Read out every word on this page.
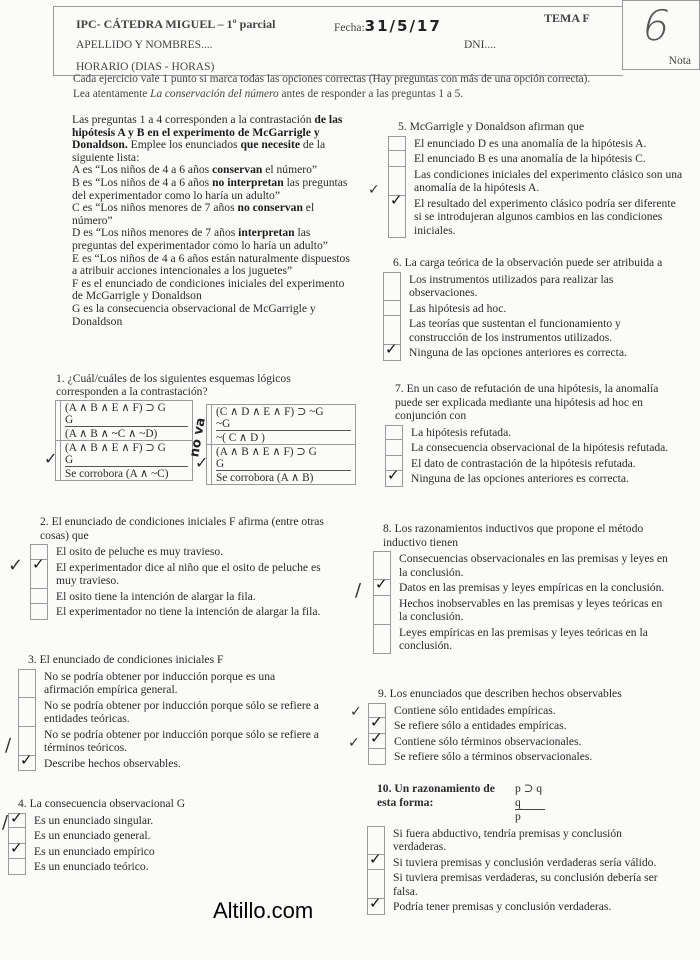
IPC- CÁTEDRA MIGUEL – 1º parcial	Fecha:31/5/17	TEMA F
APELLIDO Y NOMBRES....	DNI....
HORARIO (DIAS - HORAS)
6
Nota
Cada ejercicio vale 1 punto si marca todas las opciones correctas (Hay preguntas con más de una opción correcta).
Lea atentamente La conservación del número antes de responder a las preguntas 1 a 5.
Las preguntas 1 a 4 corresponden a la contrastación de las hipótesis A y B en el experimento de McGarrigle y Donaldson. Emplee los enunciados que necesite de la siguiente lista:
A es “Los niños de 4 a 6 años conservan el número”
B es “Los niños de 4 a 6 años no interpretan las preguntas del experimentador como lo haría un adulto”
C es “Los niños menores de 7 años no conservan el número”
D es “Los niños menores de 7 años interpretan las preguntas del experimentador como lo haría un adulto”
E es “Los niños de 4 a 6 años están naturalmente dispuestos a atribuir acciones intencionales a los juguetes”
F es el enunciado de condiciones iniciales del experimento de McGarrigle y Donaldson
G es la consecuencia observacional de McGarrigle y Donaldson
1. ¿Cuál/cuáles de los siguientes esquemas lógicos corresponden a la contrastación?

	(A ∧ B ∧ E ∧ F) ⊃ G
G
(A ∧ B ∧ ~C ∧ ~D)

✓	(A ∧ B ∧ E ∧ F) ⊃ G
G
Se corrobora (A ∧ ~C)

	(C ∧ D ∧ E ∧ F) ⊃ ~G
~G
~( C ∧ D )

✓	(A ∧ B ∧ E ∧ F) ⊃ G
G
Se corrobora (A ∧ B)
no va
2. El enunciado de condiciones iniciales F afirma (entre otras cosas) que
El osito de peluche es muy travieso.
✓ El experimentador dice al niño que el osito de peluche es muy travieso.
El osito tiene la intención de alargar la fila.
El experimentador no tiene la intención de alargar la fila.
3. El enunciado de condiciones iniciales F
No se podría obtener por inducción porque es una afirmación empírica general.
No se podría obtener por inducción porque sólo se refiere a entidades teóricas.
No se podría obtener por inducción porque sólo se refiere a términos teóricos.
✓ Describe hechos observables.
4. La consecuencia observacional G
✓ Es un enunciado singular.
Es un enunciado general.
✓ Es un enunciado empírico
Es un enunciado teórico.
5. McGarrigle y Donaldson afirman que
El enunciado D es una anomalía de la hipótesis A.
El enunciado B es una anomalía de la hipótesis C.
Las condiciones iniciales del experimento clásico son una anomalía de la hipótesis A.
✓ El resultado del experimento clásico podría ser diferente si se introdujeran algunos cambios en las condiciones iniciales.
6. La carga teórica de la observación puede ser atribuida a
Los instrumentos utilizados para realizar las observaciones.
Las hipótesis ad hoc.
Las teorías que sustentan el funcionamiento y construcción de los instrumentos utilizados.
✓ Ninguna de las opciones anteriores es correcta.
7. En un caso de refutación de una hipótesis, la anomalía puede ser explicada mediante una hipótesis ad hoc en conjunción con
La hipótesis refutada.
La consecuencia observacional de la hipótesis refutada.
El dato de contrastación de la hipótesis refutada.
✓ Ninguna de las opciones anteriores es correcta.
8. Los razonamientos inductivos que propone el método inductivo tienen
Consecuencias observacionales en las premisas y leyes en la conclusión.
✓ Datos en las premisas y leyes empíricas en la conclusión.
Hechos inobservables en las premisas y leyes teóricas en la conclusión.
Leyes empíricas en las premisas y leyes teóricas en la conclusión.
9. Los enunciados que describen hechos observables
Contiene sólo entidades empíricas.
✓ Se refiere sólo a entidades empíricas.
✓ Contiene sólo términos observacionales.
Se refiere sólo a términos observacionales.
10. Un razonamiento de esta forma:
p ⊃ q
q
p
Si fuera abductivo, tendría premisas y conclusión verdaderas.
✓ Si tuviera premisas y conclusión verdaderas sería válido.
Si tuviera premisas verdaderas, su conclusión debería ser falsa.
✓ Podría tener premisas y conclusión verdaderas.
✓
/
/
✓
/
✓
✓
Altillo.com
